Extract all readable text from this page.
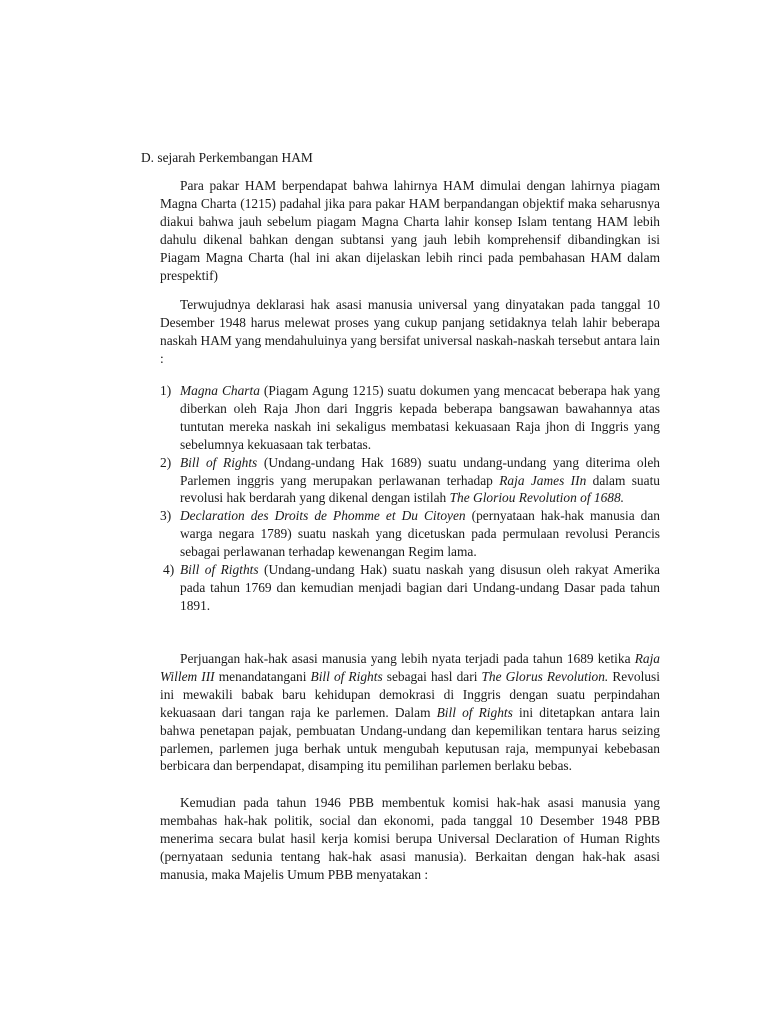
D. sejarah Perkembangan HAM

Para pakar HAM berpendapat bahwa lahirnya HAM dimulai dengan lahirnya piagam Magna Charta (1215) padahal jika para pakar HAM berpandangan objektif maka seharusnya diakui bahwa jauh sebelum piagam Magna Charta lahir konsep Islam tentang HAM lebih dahulu dikenal bahkan dengan subtansi yang jauh lebih komprehensif dibandingkan isi Piagam Magna Charta (hal ini akan dijelaskan lebih rinci pada pembahasan HAM dalam prespektif)

Terwujudnya deklarasi hak asasi manusia universal yang dinyatakan pada tanggal 10 Desember 1948 harus melewat proses yang cukup panjang setidaknya telah lahir beberapa naskah HAM yang mendahuluinya yang bersifat universal naskah-naskah tersebut antara lain :

1) Magna Charta (Piagam Agung 1215) suatu dokumen yang mencacat beberapa hak yang diberkan oleh Raja Jhon dari Inggris kepada beberapa bangsawan bawahannya atas tuntutan mereka naskah ini sekaligus membatasi kekuasaan Raja jhon di Inggris yang sebelumnya kekuasaan tak terbatas.
2) Bill of Rights (Undang-undang Hak 1689) suatu undang-undang yang diterima oleh Parlemen inggris yang merupakan perlawanan terhadap Raja James IIn dalam suatu revolusi hak berdarah yang dikenal dengan istilah The Gloriou Revolution of 1688.
3) Declaration des Droits de Phomme et Du Citoyen (pernyataan hak-hak manusia dan warga negara 1789) suatu naskah yang dicetuskan pada permulaan revolusi Perancis sebagai perlawanan terhadap kewenangan Regim lama.
4) Bill of Rigthts (Undang-undang Hak) suatu naskah yang disusun oleh rakyat Amerika pada tahun 1769 dan kemudian menjadi bagian dari Undang-undang Dasar pada tahun 1891.

Perjuangan hak-hak asasi manusia yang lebih nyata terjadi pada tahun 1689 ketika Raja Willem III menandatangani Bill of Rights sebagai hasl dari The Glorus Revolution. Revolusi ini mewakili babak baru kehidupan demokrasi di Inggris dengan suatu perpindahan kekuasaan dari tangan raja ke parlemen. Dalam Bill of Rights ini ditetapkan antara lain bahwa penetapan pajak, pembuatan Undang-undang dan kepemilikan tentara harus seizing parlemen, parlemen juga berhak untuk mengubah keputusan raja, mempunyai kebebasan berbicara dan berpendapat, disamping itu pemilihan parlemen berlaku bebas.

Kemudian pada tahun 1946 PBB membentuk komisi hak-hak asasi manusia yang membahas hak-hak politik, social dan ekonomi, pada tanggal 10 Desember 1948 PBB menerima secara bulat hasil kerja komisi berupa Universal Declaration of Human Rights (pernyataan sedunia tentang hak-hak asasi manusia). Berkaitan dengan hak-hak asasi manusia, maka Majelis Umum PBB menyatakan :
